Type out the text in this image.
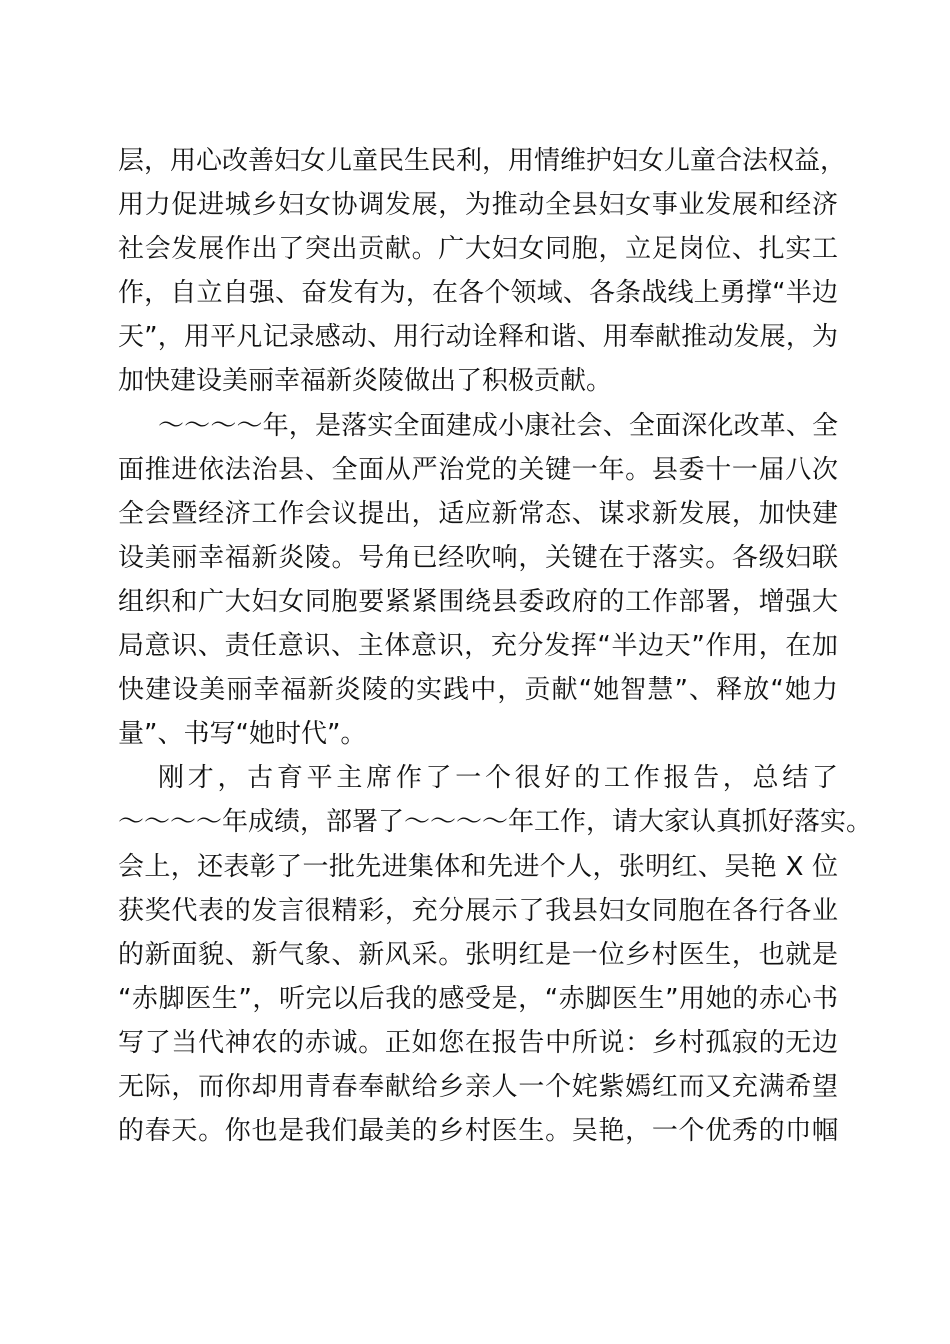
层，用心改善妇女儿童民生民利，用情维护妇女儿童合法权益，
用力促进城乡妇女协调发展，为推动全县妇女事业发展和经济
社会发展作出了突出贡献。广大妇女同胞，立足岗位、扎实工
作，自立自强、奋发有为，在各个领域、各条战线上勇撑“半边
天”，用平凡记录感动、用行动诠释和谐、用奉献推动发展，为
加快建设美丽幸福新炎陵做出了积极贡献。
～～～～年，是落实全面建成小康社会、全面深化改革、全
面推进依法治县、全面从严治党的关键一年。县委十一届八次
全会暨经济工作会议提出，适应新常态、谋求新发展，加快建
设美丽幸福新炎陵。号角已经吹响，关键在于落实。各级妇联
组织和广大妇女同胞要紧紧围绕县委政府的工作部署，增强大
局意识、责任意识、主体意识，充分发挥“半边天”作用，在加
快建设美丽幸福新炎陵的实践中，贡献“她智慧”、释放“她力
量”、书写“她时代”。
刚才，古育平主席作了一个很好的工作报告，总结了
～～～～年成绩，部署了～～～～年工作，请大家认真抓好落实。
会上，还表彰了一批先进集体和先进个人，张明红、吴艳 X 位
获奖代表的发言很精彩，充分展示了我县妇女同胞在各行各业
的新面貌、新气象、新风采。张明红是一位乡村医生，也就是
“赤脚医生”，听完以后我的感受是，“赤脚医生”用她的赤心书
写了当代神农的赤诚。正如您在报告中所说：乡村孤寂的无边
无际，而你却用青春奉献给乡亲人一个姹紫嫣红而又充满希望
的春天。你也是我们最美的乡村医生。吴艳，一个优秀的巾帼
